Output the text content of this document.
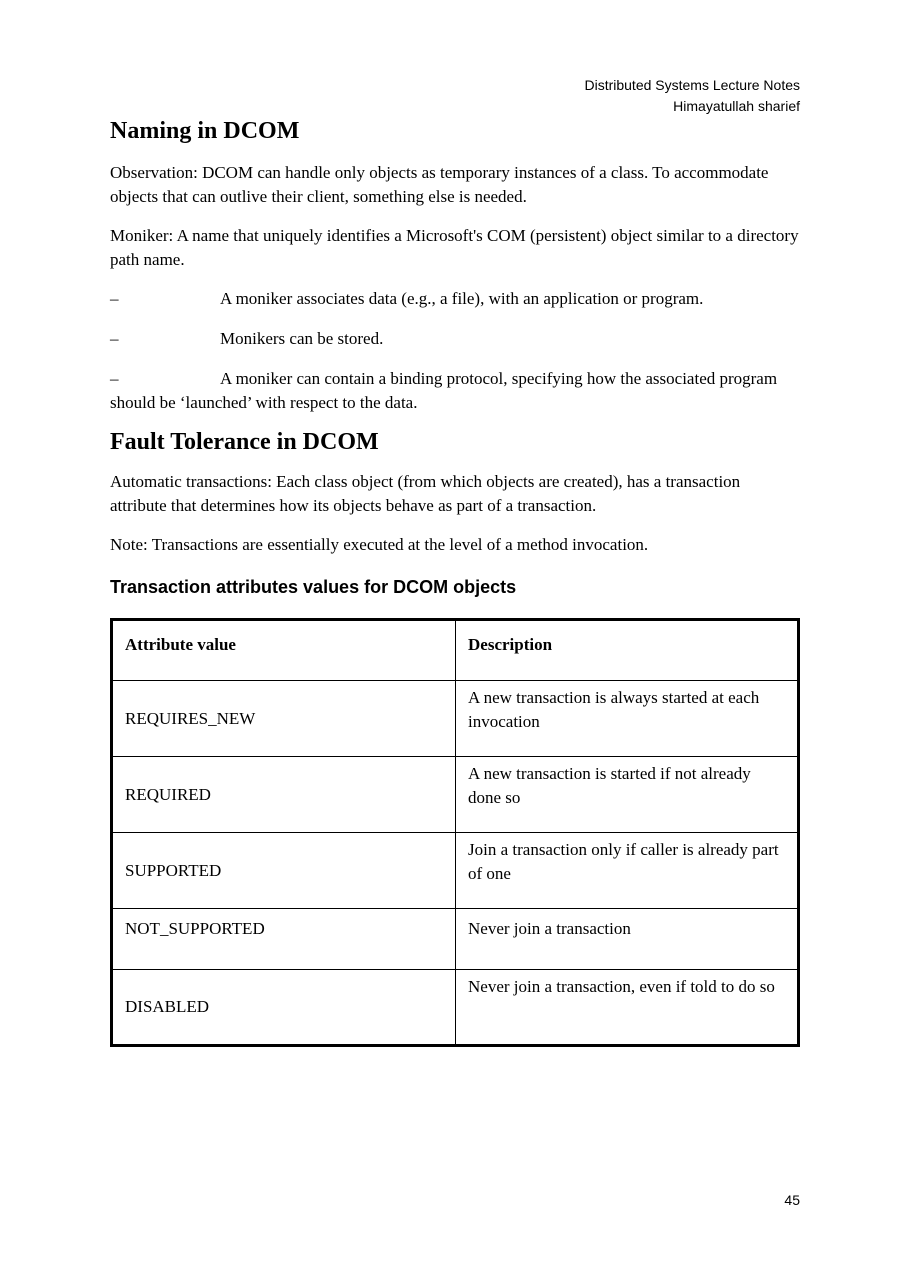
Distributed Systems Lecture Notes
Himayatullah sharief
Naming in DCOM

Observation: DCOM can handle only objects as temporary instances of a class. To accommodate objects that can outlive their client, something else is needed.

Moniker: A name that uniquely identifies a Microsoft's COM (persistent) object similar to a directory path name.

–	A moniker associates data (e.g., a file), with an application or program.

–	Monikers can be stored.

–	A moniker can contain a binding protocol, specifying how the associated program should be ‘launched’ with respect to the data.

Fault Tolerance in DCOM

Automatic transactions: Each class object (from which objects are created), has a transaction attribute that determines how its objects behave as part of a transaction.

Note: Transactions are essentially executed at the level of a method invocation.

Transaction attributes values for DCOM objects
Attribute value	Description
REQUIRES_NEW	A new transaction is always started at each invocation
REQUIRED	A new transaction is started if not already done so
SUPPORTED	Join a transaction only if caller is already part of one
NOT_SUPPORTED	Never join a transaction
DISABLED	Never join a transaction, even if told to do so
45
